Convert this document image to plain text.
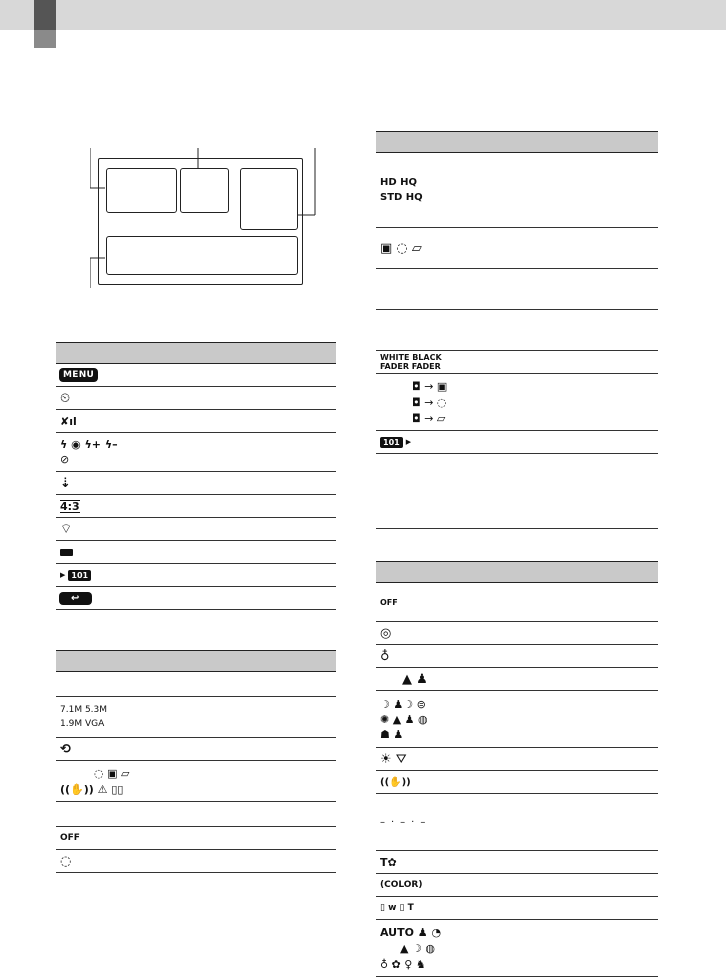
MENU
⏲
✘ıl
ϟ ◉ ϟ+ ϟ–
⊘
⇣
4:3
⌔
▶ 101
↩
7.1M 5.3M
1.9M VGA
⟲
◌ ▣ ▱
((✋)) ⚠ ▯▯
OFF
◌
HD HQ
STD HQ
▣ ◌ ▱
WHITE BLACK
FADER FADER
◘ → ▣
◘ → ◌
◘ → ▱
101 ▶
OFF
◎
♁
▲ ♟
☽ ♟☽ ⊜
✺ ▲ ♟ ◍
☗ ♟
☀ ⛛
((✋))
–·–·–
T✿
(COLOR)
▯ w ▯ T
AUTO ♟ ◔
▲ ☽ ◍
♁ ✿ ♀ ♞
